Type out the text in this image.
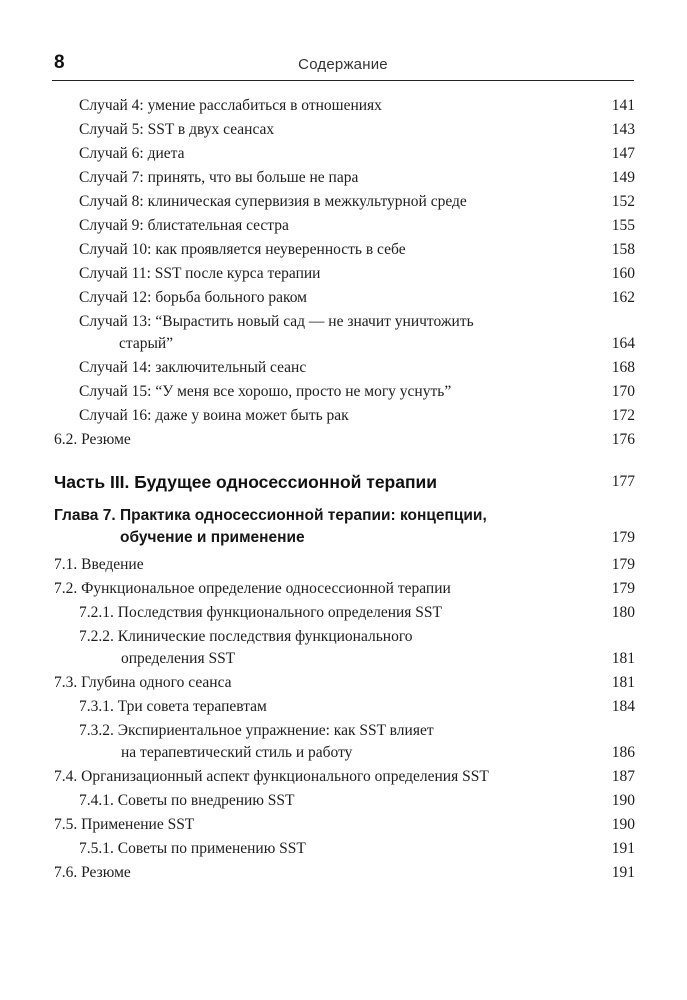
8	Содержание
Случай 4: умение расслабиться в отношениях	141
Случай 5: SST в двух сеансах	143
Случай 6: диета	147
Случай 7: принять, что вы больше не пара	149
Случай 8: клиническая супервизия в межкультурной среде	152
Случай 9: блистательная сестра	155
Случай 10: как проявляется неуверенность в себе	158
Случай 11: SST после курса терапии	160
Случай 12: борьба больного раком	162
Случай 13: “Вырастить новый сад — не значит уничтожить
старый”	164
Случай 14: заключительный сеанс	168
Случай 15: “У меня все хорошо, просто не могу уснуть”	170
Случай 16: даже у воина может быть рак	172
6.2. Резюме	176
Часть III. Будущее односессионной терапии	177
Глава 7. Практика односессионной терапии: концепции,
обучение и применение	179
7.1. Введение	179
7.2. Функциональное определение односессионной терапии	179
7.2.1. Последствия функционального определения SST	180
7.2.2. Клинические последствия функционального
определения SST	181
7.3. Глубина одного сеанса	181
7.3.1. Три совета терапевтам	184
7.3.2. Экспириентальное упражнение: как SST влияет
на терапевтический стиль и работу	186
7.4. Организационный аспект функционального определения SST	187
7.4.1. Советы по внедрению SST	190
7.5. Применение SST	190
7.5.1. Советы по применению SST	191
7.6. Резюме	191
